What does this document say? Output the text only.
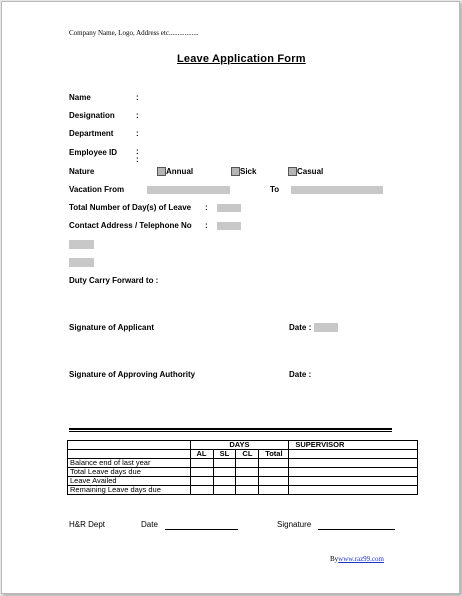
Company Name, Logo, Address etc.................
Leave Application Form
Name	:
Designation	:
Department	:
Employee ID :
:
Nature	Annual	Sick	Casual
Vacation From	To
Total Number of Day(s) of Leave :
Contact Address / Telephone No :
Duty Carry Forward to :
Signature of Applicant	Date :
Signature of Approving Authority	Date :
	DAYS				SUPERVISOR
	AL	SL	CL	Total	
Balance end of last year					
Total Leave days due					
Leave Availed					
Remaining Leave days due					
H&R Dept	Date	Signature
Bywww.raz99.com
